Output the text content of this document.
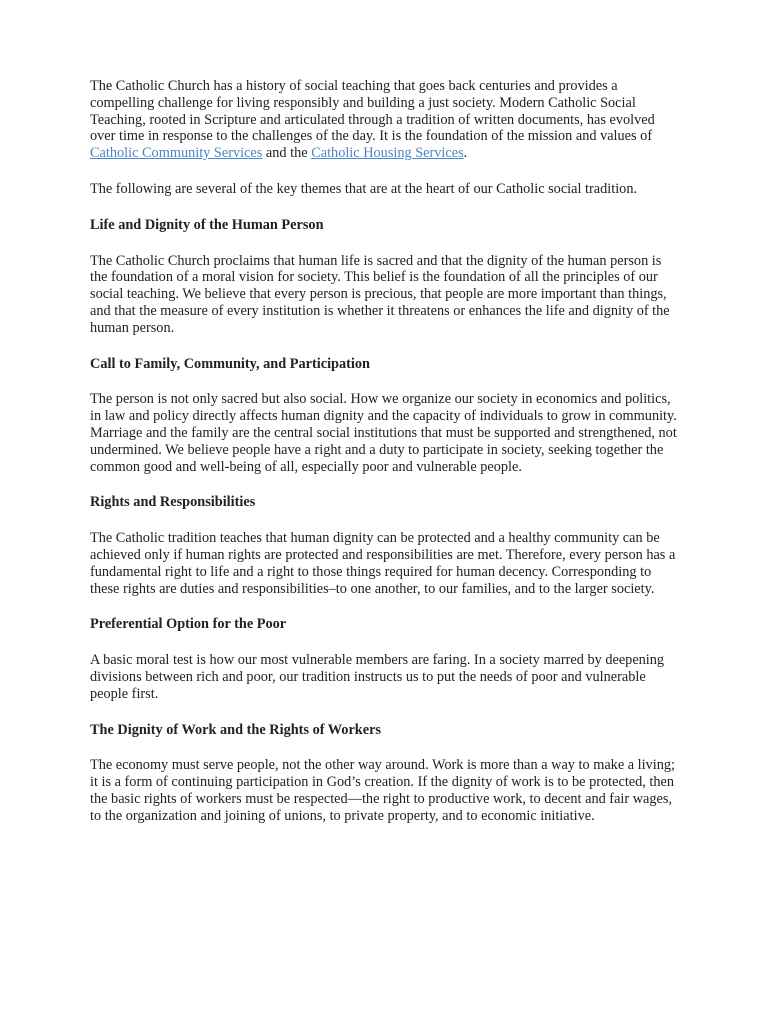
The Catholic Church has a history of social teaching that goes back centuries and provides a compelling challenge for living responsibly and building a just society. Modern Catholic Social Teaching, rooted in Scripture and articulated through a tradition of written documents, has evolved over time in response to the challenges of the day. It is the foundation of the mission and values of Catholic Community Services and the Catholic Housing Services.

The following are several of the key themes that are at the heart of our Catholic social tradition.

Life and Dignity of the Human Person

The Catholic Church proclaims that human life is sacred and that the dignity of the human person is the foundation of a moral vision for society. This belief is the foundation of all the principles of our social teaching. We believe that every person is precious, that people are more important than things, and that the measure of every institution is whether it threatens or enhances the life and dignity of the human person.

Call to Family, Community, and Participation

The person is not only sacred but also social. How we organize our society in economics and politics, in law and policy directly affects human dignity and the capacity of individuals to grow in community. Marriage and the family are the central social institutions that must be supported and strengthened, not undermined. We believe people have a right and a duty to participate in society, seeking together the common good and well-being of all, especially poor and vulnerable people.

Rights and Responsibilities

The Catholic tradition teaches that human dignity can be protected and a healthy community can be achieved only if human rights are protected and responsibilities are met. Therefore, every person has a fundamental right to life and a right to those things required for human decency. Corresponding to these rights are duties and responsibilities–to one another, to our families, and to the larger society.

Preferential Option for the Poor

A basic moral test is how our most vulnerable members are faring. In a society marred by deepening divisions between rich and poor, our tradition instructs us to put the needs of poor and vulnerable people first.

The Dignity of Work and the Rights of Workers

The economy must serve people, not the other way around. Work is more than a way to make a living; it is a form of continuing participation in God’s creation. If the dignity of work is to be protected, then the basic rights of workers must be respected—the right to productive work, to decent and fair wages, to the organization and joining of unions, to private property, and to economic initiative.
